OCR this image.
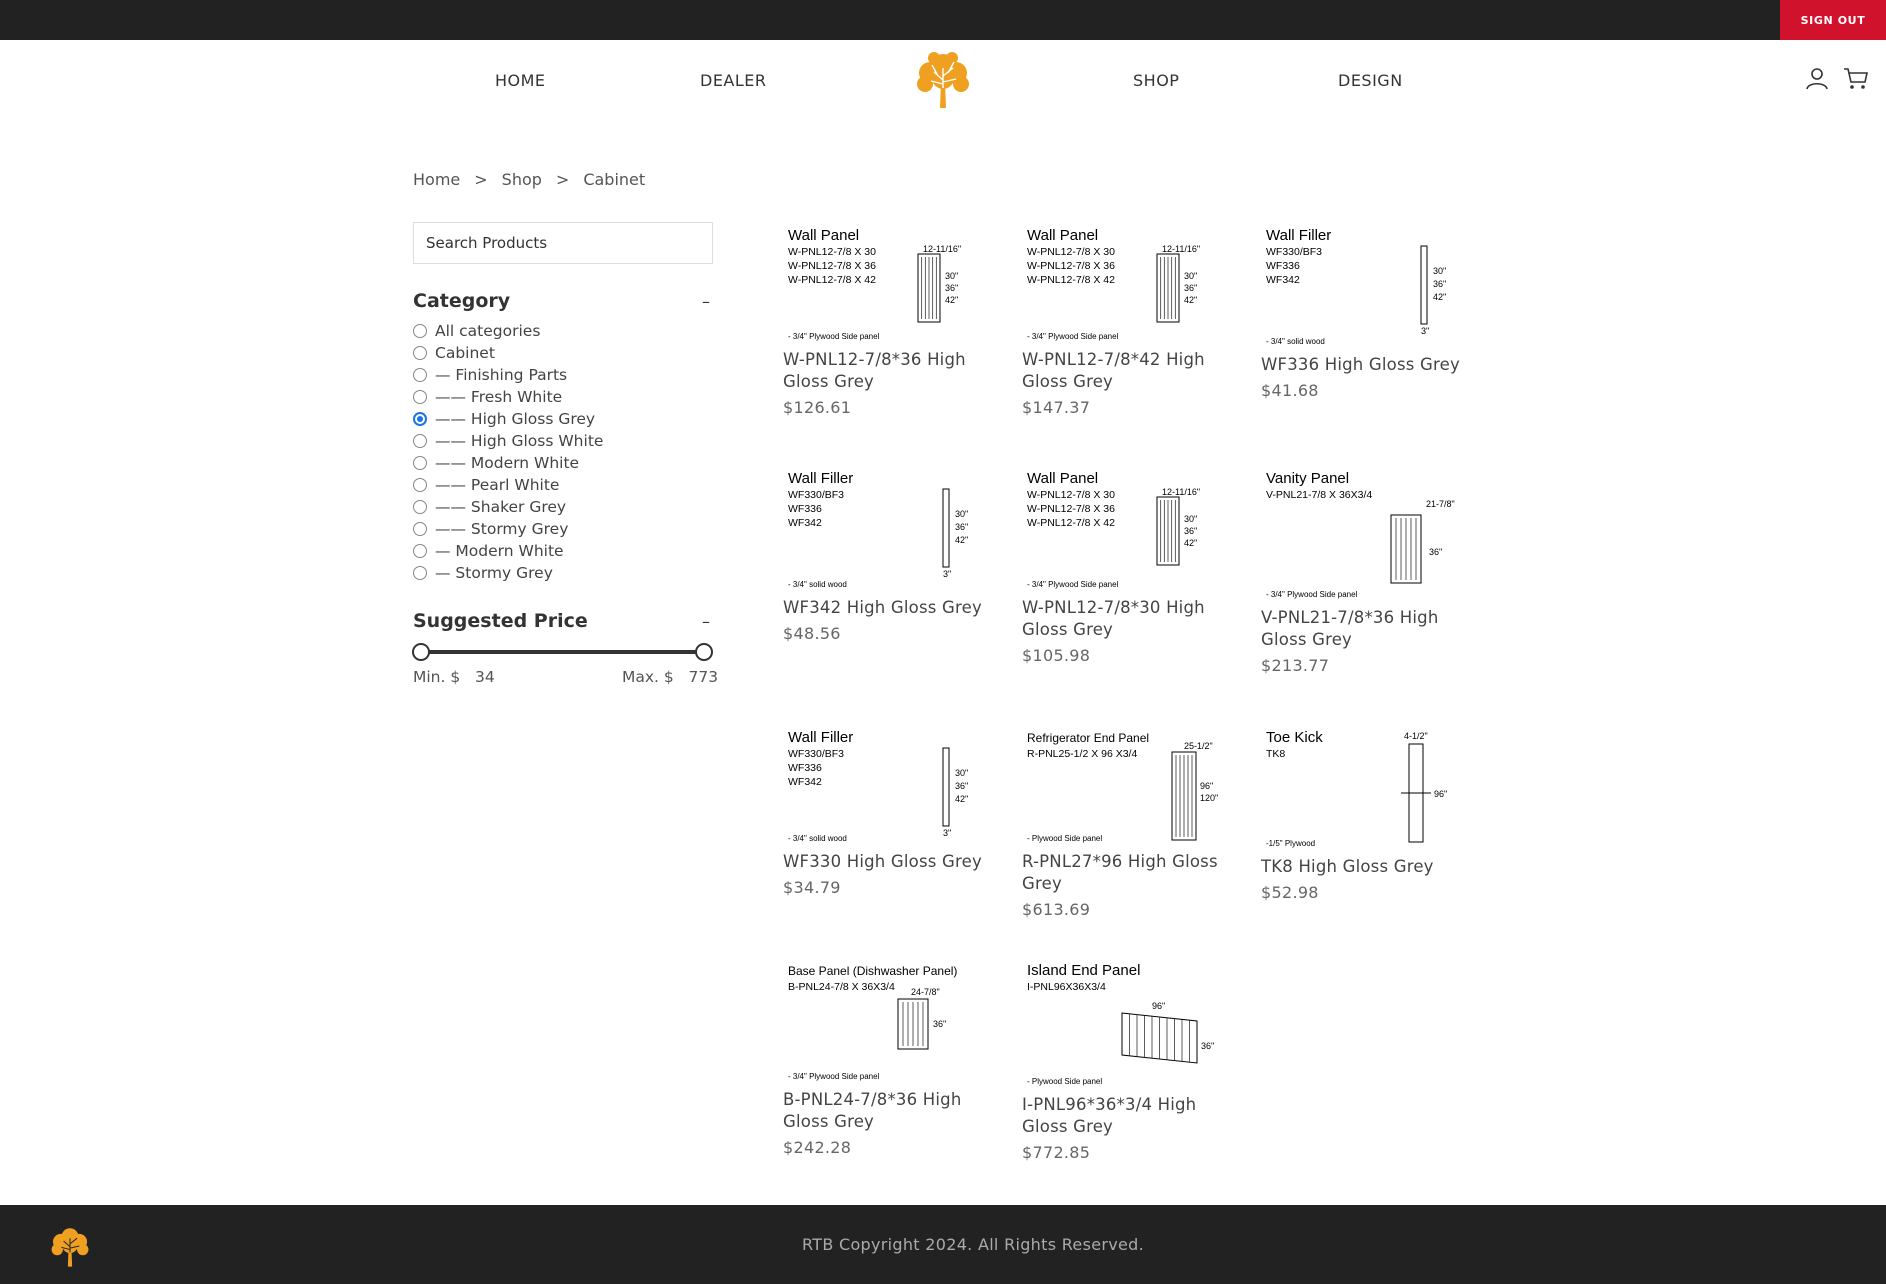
SIGN OUT
HOME	DEALER	SHOP	DESIGN
Home > Shop > Cabinet
Search Products
Category	–
All categories
Cabinet
— Finishing Parts
—— Fresh White
—— High Gloss Grey
—— High Gloss White
—— Modern White
—— Pearl White
—— Shaker Grey
—— Stormy Grey
— Modern White
— Stormy Grey
Suggested Price	–
Min. $ 34	Max. $ 773
Wall Panel
W-PNL12-7/8 X 30
W-PNL12-7/8 X 36
W-PNL12-7/8 X 42
- 3/4" Plywood Side panel
12-11/16"
30"
36"
42"
W-PNL12-7/8*36 High Gloss Grey
$126.61
Wall Panel
W-PNL12-7/8 X 30
W-PNL12-7/8 X 36
W-PNL12-7/8 X 42
- 3/4" Plywood Side panel
12-11/16"
30"
36"
42"
W-PNL12-7/8*42 High Gloss Grey
$147.37
Wall Filler
WF330/BF3
WF336
WF342
- 3/4" solid wood
30"
36"
42"
3"
WF336 High Gloss Grey
$41.68
Wall Filler
WF330/BF3
WF336
WF342
- 3/4" solid wood
30"
36"
42"
3"
WF342 High Gloss Grey
$48.56
Wall Panel
W-PNL12-7/8 X 30
W-PNL12-7/8 X 36
W-PNL12-7/8 X 42
- 3/4" Plywood Side panel
12-11/16"
30"
36"
42"
W-PNL12-7/8*30 High Gloss Grey
$105.98
Vanity Panel
V-PNL21-7/8 X 36X3/4
- 3/4" Plywood Side panel
21-7/8"
36"
V-PNL21-7/8*36 High Gloss Grey
$213.77
Wall Filler
WF330/BF3
WF336
WF342
- 3/4" solid wood
30"
36"
42"
3"
WF330 High Gloss Grey
$34.79
Refrigerator End Panel
R-PNL25-1/2 X 96 X3/4
- Plywood Side panel
25-1/2"
96"
120"
R-PNL27*96 High Gloss Grey
$613.69
Toe Kick
TK8
-1/5" Plywood
4-1/2"
96"
TK8 High Gloss Grey
$52.98
Base Panel (Dishwasher Panel)
B-PNL24-7/8 X 36X3/4
- 3/4" Plywood Side panel
24-7/8"
36"
B-PNL24-7/8*36 High Gloss Grey
$242.28
Island End Panel
I-PNL96X36X3/4
- Plywood Side panel
96"
36"
I-PNL96*36*3/4 High Gloss Grey
$772.85
RTB Copyright 2024. All Rights Reserved.
